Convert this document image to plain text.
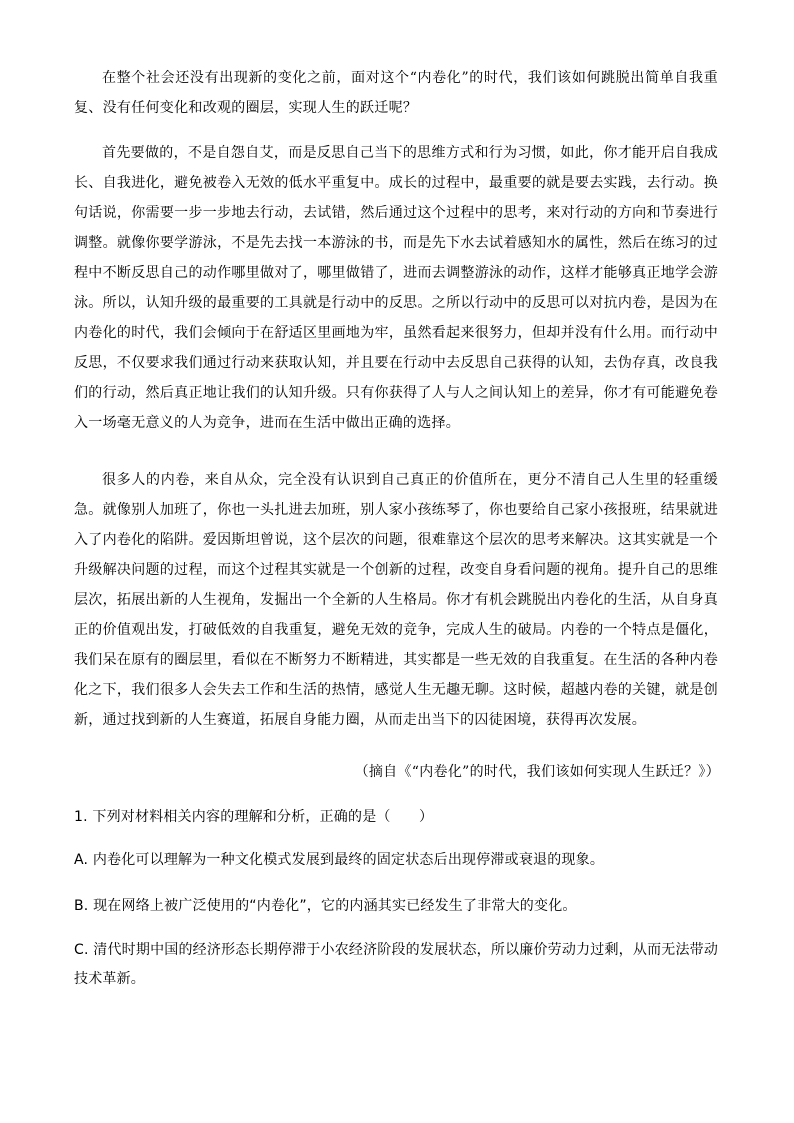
在整个社会还没有出现新的变化之前，面对这个“内卷化”的时代，我们该如何跳脱出简单自我重复、没有任何变化和改观的圈层，实现人生的跃迁呢？

首先要做的，不是自怨自艾，而是反思自己当下的思维方式和行为习惯，如此，你才能开启自我成长、自我进化，避免被卷入无效的低水平重复中。成长的过程中，最重要的就是要去实践，去行动。换句话说，你需要一步一步地去行动，去试错，然后通过这个过程中的思考，来对行动的方向和节奏进行调整。就像你要学游泳，不是先去找一本游泳的书，而是先下水去试着感知水的属性，然后在练习的过程中不断反思自己的动作哪里做对了，哪里做错了，进而去调整游泳的动作，这样才能够真正地学会游泳。所以，认知升级的最重要的工具就是行动中的反思。之所以行动中的反思可以对抗内卷，是因为在内卷化的时代，我们会倾向于在舒适区里画地为牢，虽然看起来很努力，但却并没有什么用。而行动中反思，不仅要求我们通过行动来获取认知，并且要在行动中去反思自己获得的认知，去伪存真，改良我们的行动，然后真正地让我们的认知升级。只有你获得了人与人之间认知上的差异，你才有可能避免卷入一场毫无意义的人为竞争，进而在生活中做出正确的选择。

很多人的内卷，来自从众，完全没有认识到自己真正的价值所在，更分不清自己人生里的轻重缓急。就像别人加班了，你也一头扎进去加班，别人家小孩练琴了，你也要给自己家小孩报班，结果就进入了内卷化的陷阱。爱因斯坦曾说，这个层次的问题，很难靠这个层次的思考来解决。这其实就是一个升级解决问题的过程，而这个过程其实就是一个创新的过程，改变自身看问题的视角。提升自己的思维层次，拓展出新的人生视角，发掘出一个全新的人生格局。你才有机会跳脱出内卷化的生活，从自身真正的价值观出发，打破低效的自我重复，避免无效的竞争，完成人生的破局。内卷的一个特点是僵化，我们呆在原有的圈层里，看似在不断努力不断精进，其实都是一些无效的自我重复。在生活的各种内卷化之下，我们很多人会失去工作和生活的热情，感觉人生无趣无聊。这时候，超越内卷的关键，就是创新，通过找到新的人生赛道，拓展自身能力圈，从而走出当下的囚徒困境，获得再次发展。

（摘自《“内卷化”的时代，我们该如何实现人生跃迁？》）

1. 下列对材料相关内容的理解和分析，正确的是（　　）

A. 内卷化可以理解为一种文化模式发展到最终的固定状态后出现停滞或衰退的现象。

B. 现在网络上被广泛使用的“内卷化”，它的内涵其实已经发生了非常大的变化。

C. 清代时期中国的经济形态长期停滞于小农经济阶段的发展状态，所以廉价劳动力过剩，从而无法带动技术革新。
